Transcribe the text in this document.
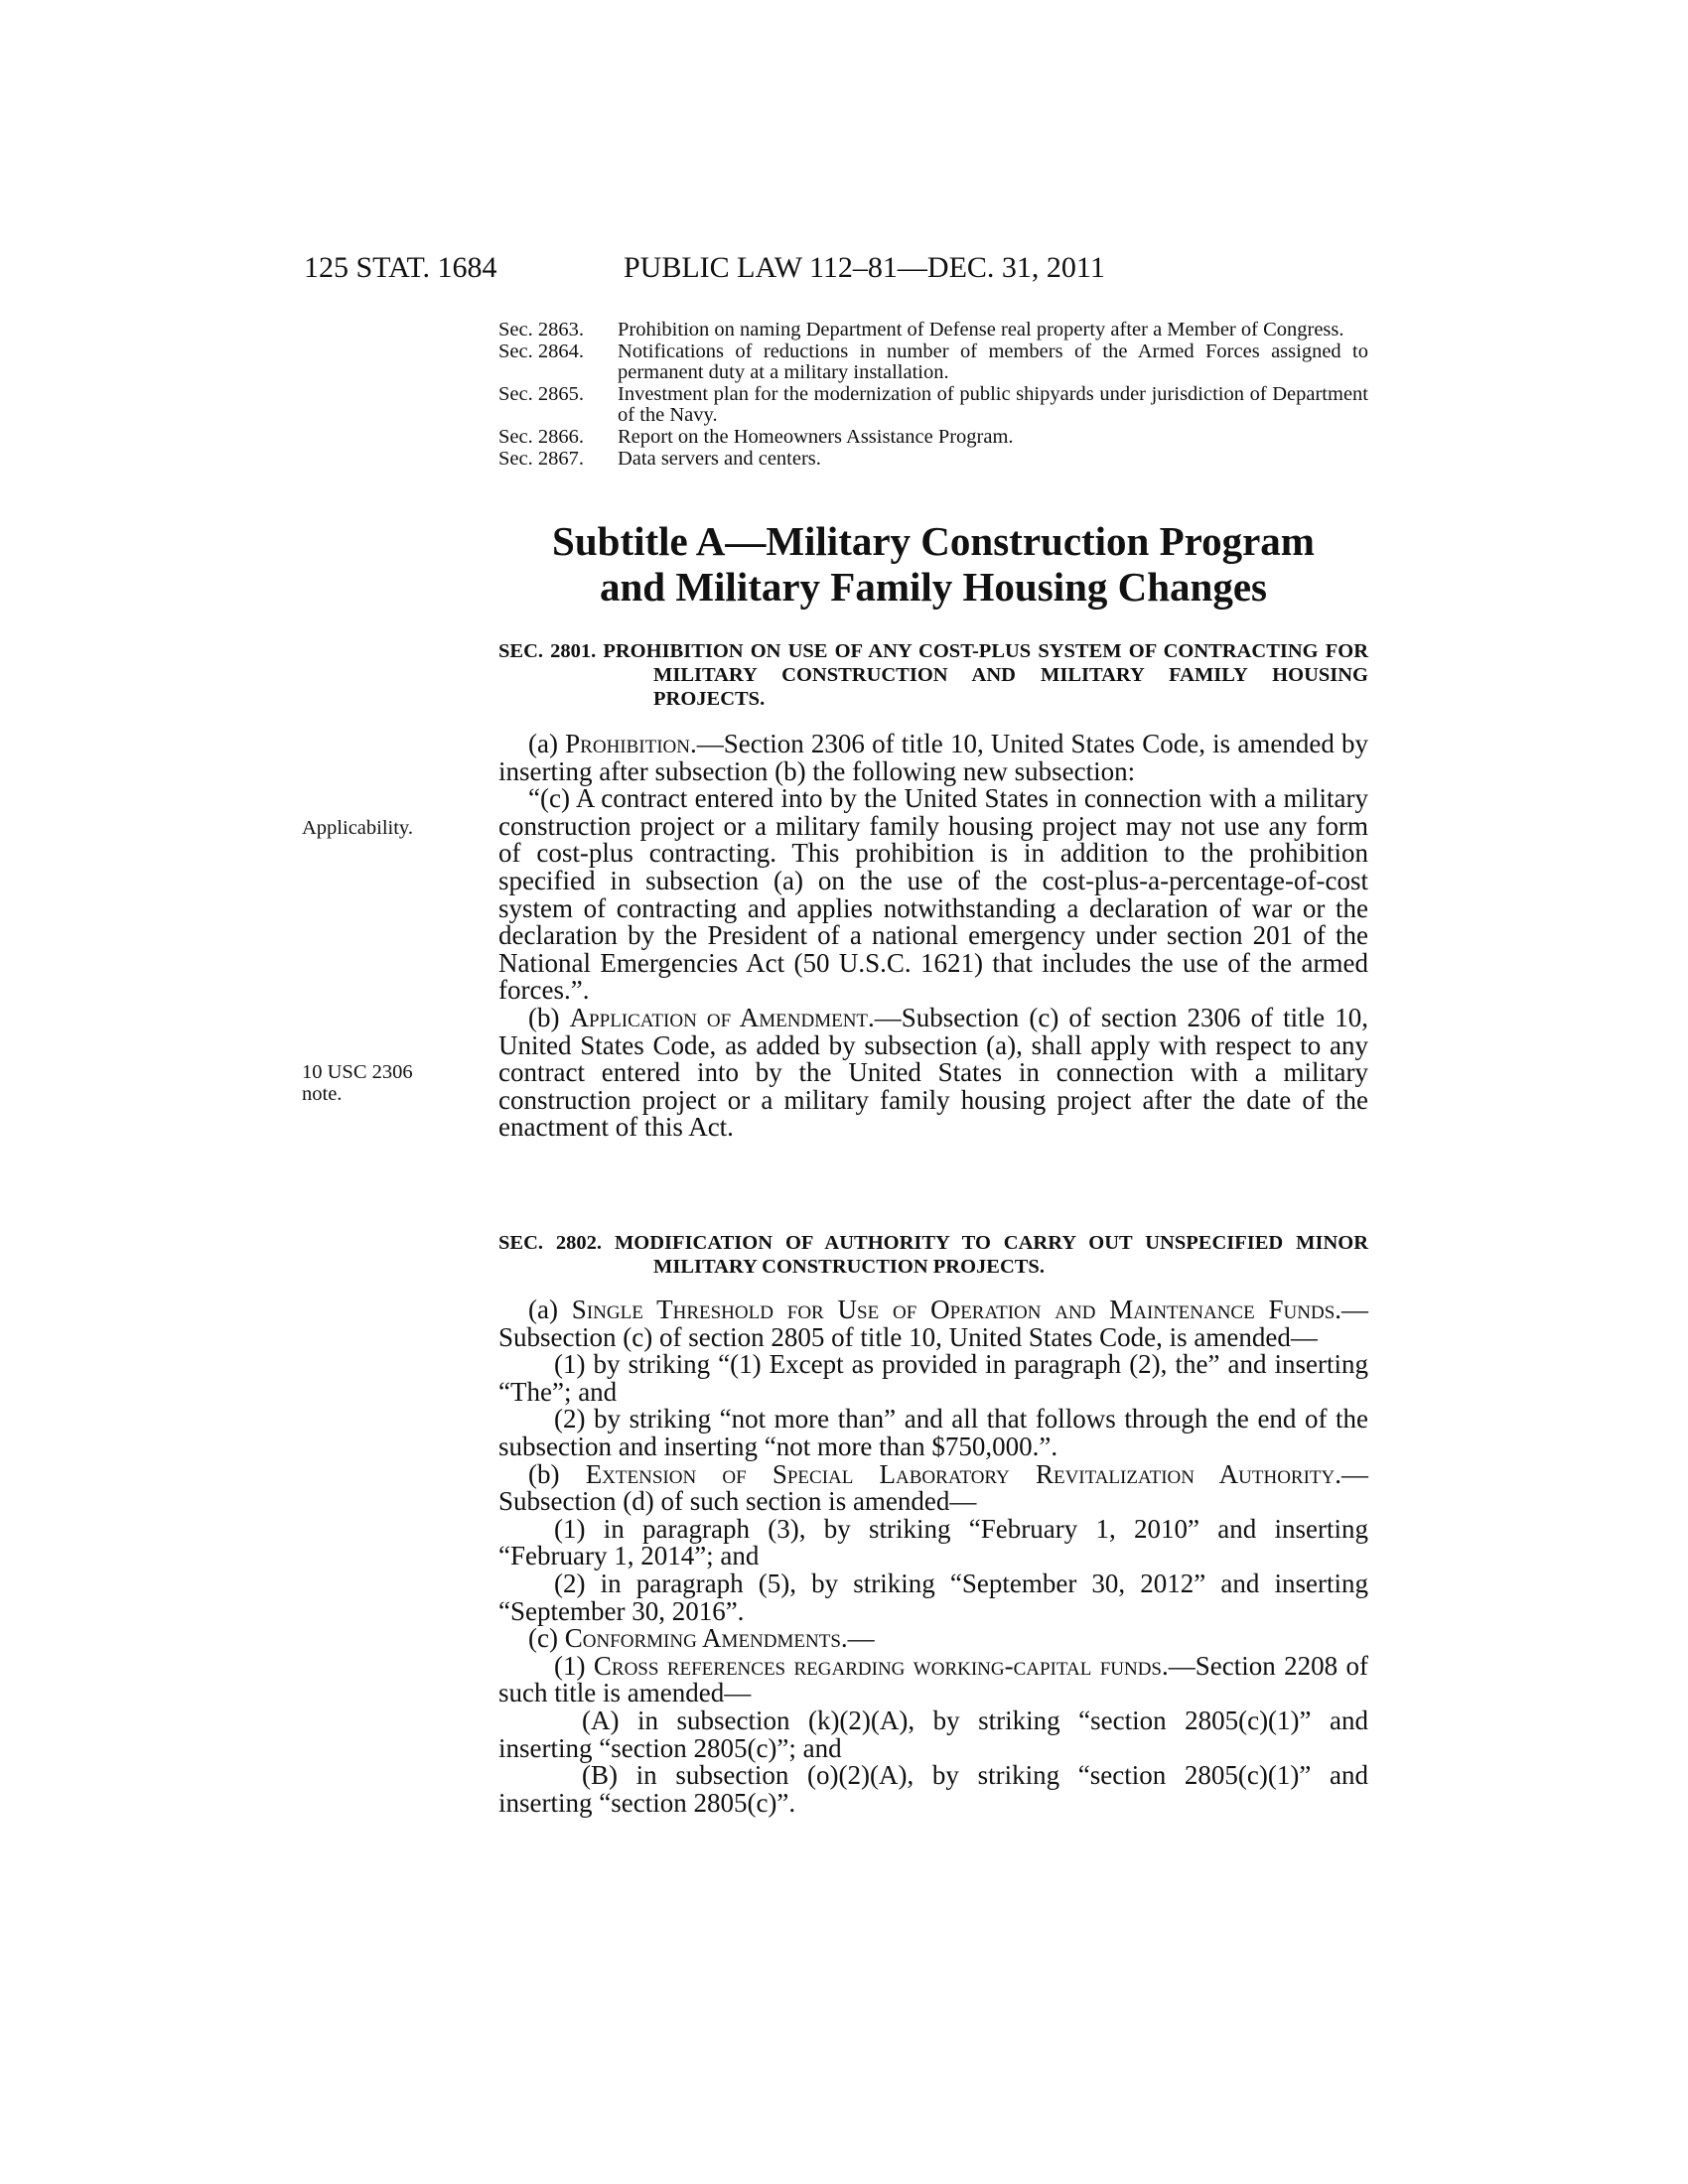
125 STAT. 1684	PUBLIC LAW 112–81—DEC. 31, 2011
Sec. 2863. Prohibition on naming Department of Defense real property after a Member of Congress.
Sec. 2864. Notifications of reductions in number of members of the Armed Forces assigned to permanent duty at a military installation.
Sec. 2865. Investment plan for the modernization of public shipyards under jurisdiction of Department of the Navy.
Sec. 2866. Report on the Homeowners Assistance Program.
Sec. 2867. Data servers and centers.
Subtitle A—Military Construction Program
and Military Family Housing Changes
SEC. 2801. PROHIBITION ON USE OF ANY COST-PLUS SYSTEM OF CONTRACTING FOR MILITARY CONSTRUCTION AND MILITARY FAMILY HOUSING PROJECTS.
Applicability.
10 USC 2306
note.

(a) Prohibition.—Section 2306 of title 10, United States Code, is amended by inserting after subsection (b) the following new subsection:

“(c) A contract entered into by the United States in connection with a military construction project or a military family housing project may not use any form of cost-plus contracting. This prohibition is in addition to the prohibition specified in subsection (a) on the use of the cost-plus-a-percentage-of-cost system of contracting and applies notwithstanding a declaration of war or the declaration by the President of a national emergency under section 201 of the National Emergencies Act (50 U.S.C. 1621) that includes the use of the armed forces.”.

(b) Application of Amendment.—Subsection (c) of section 2306 of title 10, United States Code, as added by subsection (a), shall apply with respect to any contract entered into by the United States in connection with a military construction project or a military family housing project after the date of the enactment of this Act.

SEC. 2802. MODIFICATION OF AUTHORITY TO CARRY OUT UNSPECIFIED MINOR MILITARY CONSTRUCTION PROJECTS.

(a) Single Threshold for Use of Operation and Maintenance Funds.—Subsection (c) of section 2805 of title 10, United States Code, is amended—

(1) by striking “(1) Except as provided in paragraph (2), the” and inserting “The”; and

(2) by striking “not more than” and all that follows through the end of the subsection and inserting “not more than $750,000.”.

(b) Extension of Special Laboratory Revitalization Authority.—Subsection (d) of such section is amended—

(1) in paragraph (3), by striking “February 1, 2010” and inserting “February 1, 2014”; and

(2) in paragraph (5), by striking “September 30, 2012” and inserting “September 30, 2016”.

(c) Conforming Amendments.—

(1) Cross references regarding working-capital funds.—Section 2208 of such title is amended—

(A) in subsection (k)(2)(A), by striking “section 2805(c)(1)” and inserting “section 2805(c)”; and

(B) in subsection (o)(2)(A), by striking “section 2805(c)(1)” and inserting “section 2805(c)”.
